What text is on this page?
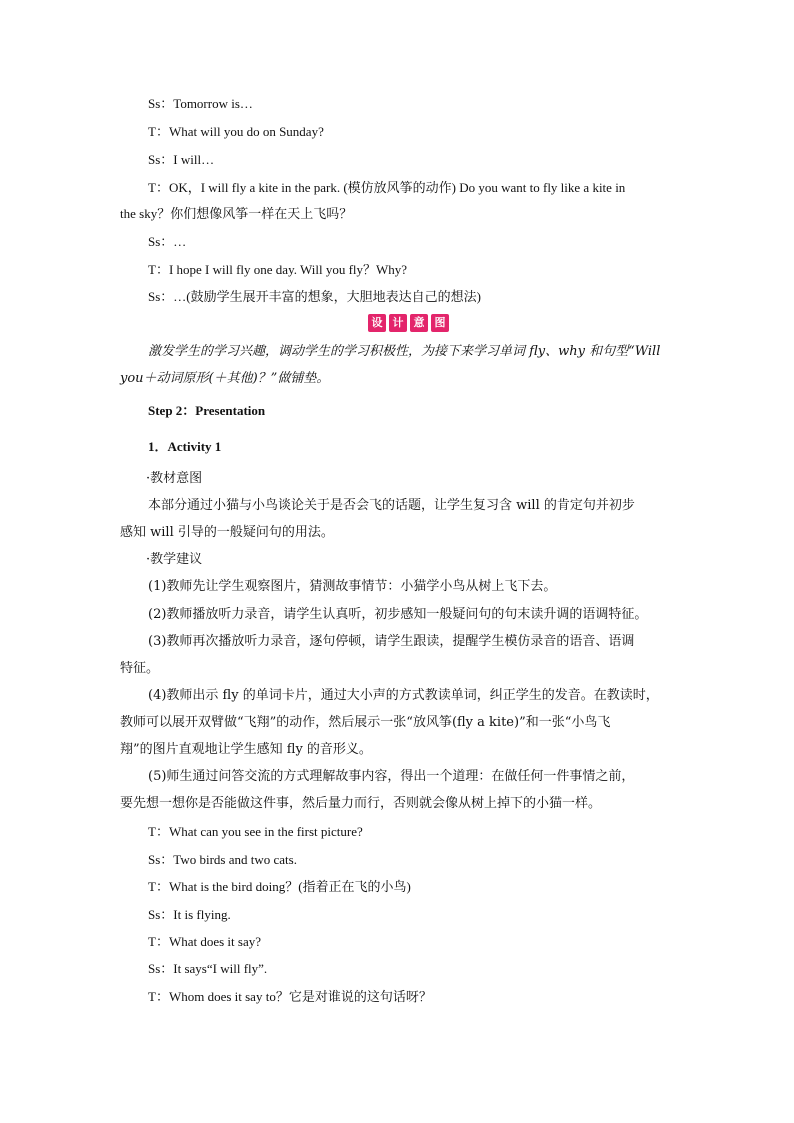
Ss：Tomorrow is…
T：What will you do on Sunday?
Ss：I will…
T：OK，I will fly a kite in the park. (模仿放风筝的动作) Do you want to fly like a kite in
the sky？你们想像风筝一样在天上飞吗？
Ss：…
T：I hope I will fly one day. Will you fly？Why?
Ss：…(鼓励学生展开丰富的想象，大胆地表达自己的想法)
设 计 意 图
激发学生的学习兴趣，调动学生的学习积极性，为接下来学习单词 fly、why 和句型“Will
you＋动词原形(＋其他)？”做铺垫。
Step 2：Presentation
1．Activity 1
·教材意图
本部分通过小猫与小鸟谈论关于是否会飞的话题，让学生复习含 will 的肯定句并初步
感知 will 引导的一般疑问句的用法。
·教学建议
(1)教师先让学生观察图片，猜测故事情节：小猫学小鸟从树上飞下去。
(2)教师播放听力录音，请学生认真听，初步感知一般疑问句的句末读升调的语调特征。
(3)教师再次播放听力录音，逐句停顿，请学生跟读，提醒学生模仿录音的语音、语调
特征。
(4)教师出示 fly 的单词卡片，通过大小声的方式教读单词，纠正学生的发音。在教读时，
教师可以展开双臂做“飞翔”的动作，然后展示一张“放风筝(fly a kite)”和一张“小鸟飞
翔”的图片直观地让学生感知 fly 的音形义。
(5)师生通过问答交流的方式理解故事内容，得出一个道理：在做任何一件事情之前，
要先想一想你是否能做这件事，然后量力而行，否则就会像从树上掉下的小猫一样。
T：What can you see in the first picture?
Ss：Two birds and two cats.
T：What is the bird doing？(指着正在飞的小鸟)
Ss：It is flying.
T：What does it say?
Ss：It says“I will fly”.
T：Whom does it say to？它是对谁说的这句话呀？
